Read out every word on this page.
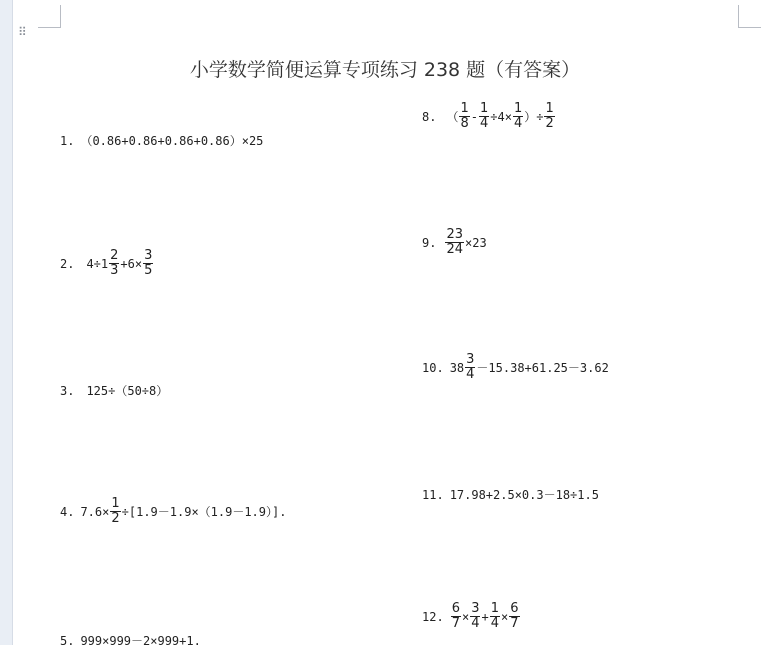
⠿
小学数学简便运算专项练习 238 题（有答案）
1. （0.86+0.86+0.86+0.86）×25
2. $4\div 1 \frac{2}{3} +6\times \frac{3}{5}$
3. 125÷（50÷8）
4. $7.6\times \frac{1}{2} \div[1.9-1.9\times(1.9-1.9)]$.
5. 999×999－2×999+1.
8. （ $\frac{1}{8} - \frac{1}{4} \div 4\times \frac{1}{4}$ ）÷ $\frac{1}{2}$
9. $\frac{23}{24} \times 23$
10. $38 \frac{3}{4} -15.38+61.25-3.62$
11. 17.98+2.5×0.3－18÷1.5
12. $\frac{6}{7} \times \frac{3}{4} + \frac{1}{4} \times \frac{6}{7}$
